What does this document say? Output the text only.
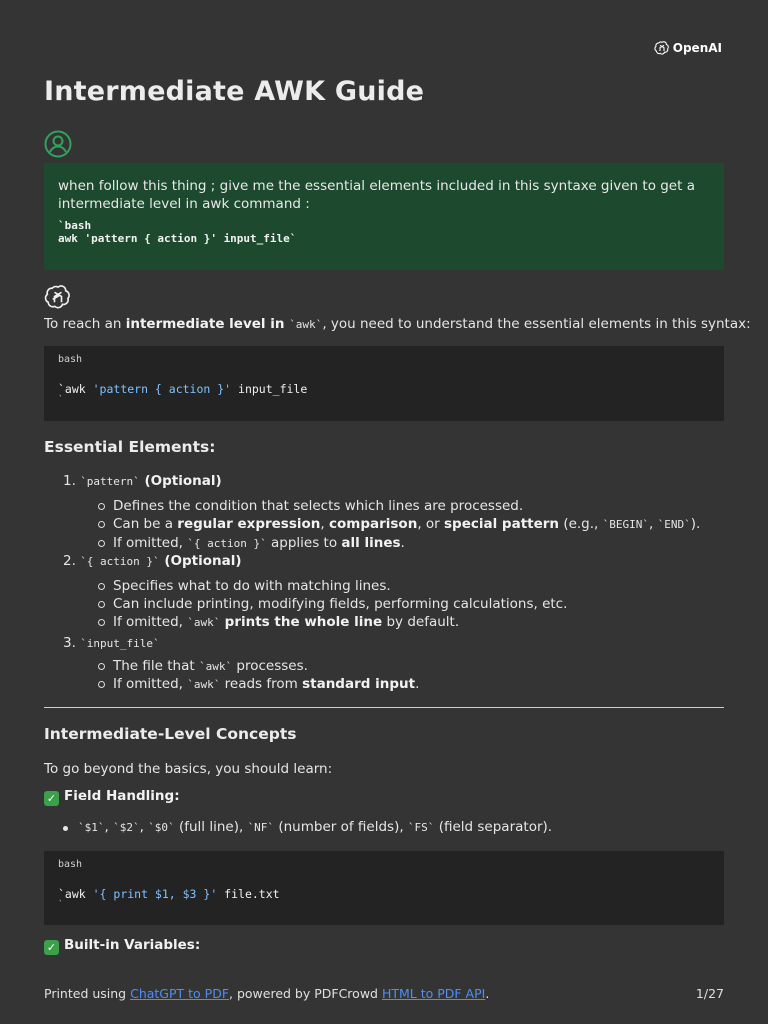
OpenAI
Intermediate AWK Guide
when follow this thing ; give me the essential elements included in this syntaxe given to get a intermediate level in awk command :
`bash
awk 'pattern { action }' input_file`
To reach an intermediate level in `awk`, you need to understand the essential elements in this syntax:
bash
`awk 'pattern { action }' input_file
`
Essential Elements:
1. `pattern` (Optional)
Defines the condition that selects which lines are processed.
Can be a regular expression, comparison, or special pattern (e.g., `BEGIN`, `END`).
If omitted, `{ action }` applies to all lines.
2. `{ action }` (Optional)
Specifies what to do with matching lines.
Can include printing, modifying fields, performing calculations, etc.
If omitted, `awk` prints the whole line by default.
3. `input_file`
The file that `awk` processes.
If omitted, `awk` reads from standard input.
Intermediate-Level Concepts
To go beyond the basics, you should learn:
✓ Field Handling:
`$1`, `$2`, `$0` (full line), `NF` (number of fields), `FS` (field separator).
bash
`awk '{ print $1, $3 }' file.txt
`
✓ Built-in Variables:
Printed using ChatGPT to PDF, powered by PDFCrowd HTML to PDF API.	1/27
